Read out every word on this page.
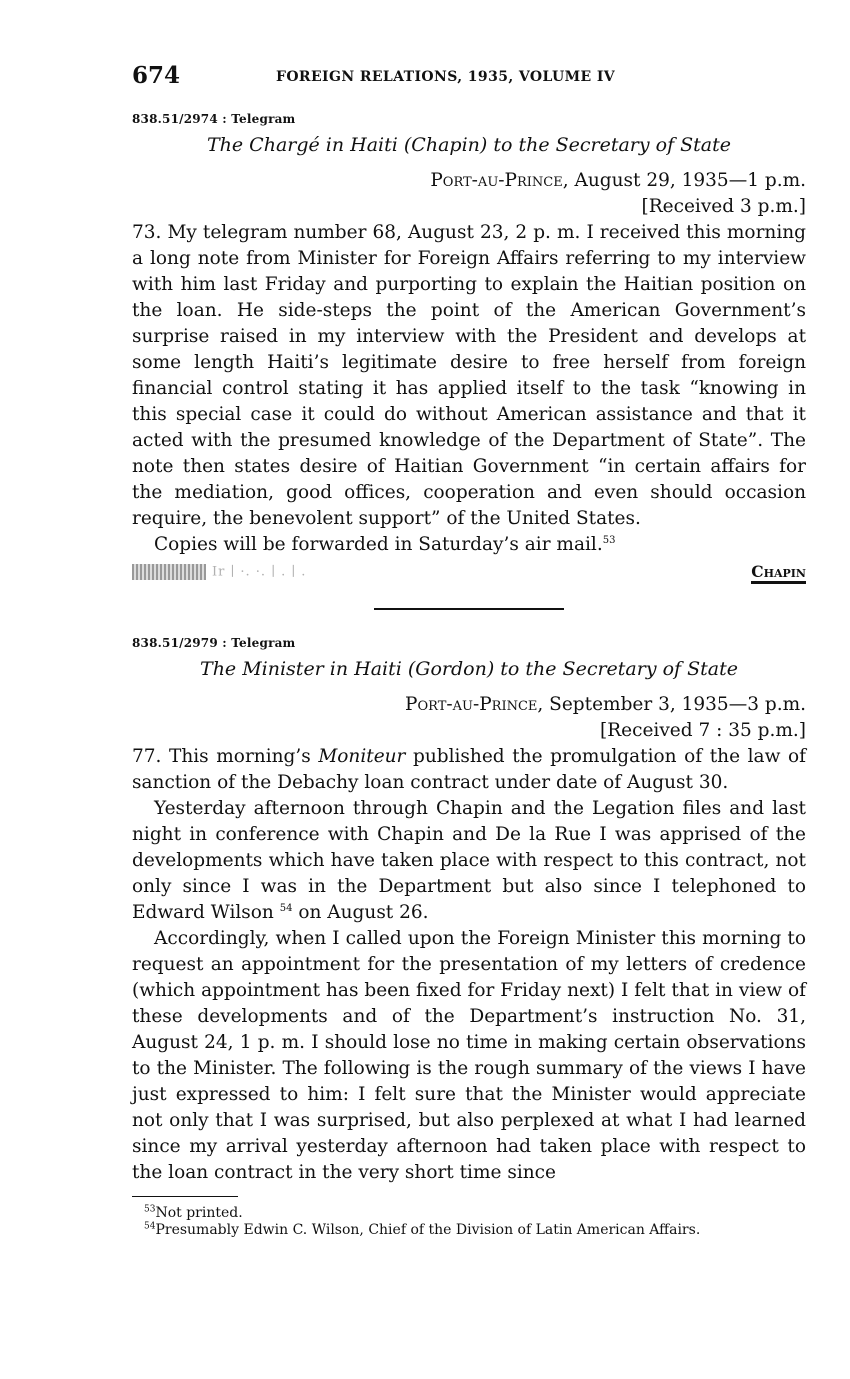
674	FOREIGN RELATIONS, 1935, VOLUME IV
838.51/2974 : Telegram
The Chargé in Haiti (Chapin) to the Secretary of State
Port-au-Prince, August 29, 1935—1 p.m.
[Received 3 p.m.]

73. My telegram number 68, August 23, 2 p. m. I received this morning a long note from Minister for Foreign Affairs referring to my interview with him last Friday and purporting to explain the Haitian position on the loan. He side-steps the point of the American Government’s surprise raised in my interview with the President and develops at some length Haiti’s legitimate desire to free herself from foreign financial control stating it has applied itself to the task “knowing in this special case it could do without American assistance and that it acted with the presumed knowledge of the Department of State”. The note then states desire of Haitian Government “in certain affairs for the mediation, good offices, cooperation and even should occasion require, the benevolent support” of the United States.

Copies will be forwarded in Saturday’s air mail.$^{53}$

Ir ∣ ·. ·. ∣ . ∣ .	Chapin
838.51/2979 : Telegram
The Minister in Haiti (Gordon) to the Secretary of State
Port-au-Prince, September 3, 1935—3 p.m.
[Received 7 : 35 p.m.]

77. This morning’s Moniteur published the promulgation of the law of sanction of the Debachy loan contract under date of August 30.

Yesterday afternoon through Chapin and the Legation files and last night in conference with Chapin and De la Rue I was apprised of the developments which have taken place with respect to this contract, not only since I was in the Department but also since I telephoned to Edward Wilson $^{54}$ on August 26.

Accordingly, when I called upon the Foreign Minister this morning to request an appointment for the presentation of my letters of credence (which appointment has been fixed for Friday next) I felt that in view of these developments and of the Department’s instruction No. 31, August 24, 1 p. m. I should lose no time in making certain observations to the Minister. The following is the rough summary of the views I have just expressed to him: I felt sure that the Minister would appreciate not only that I was surprised, but also perplexed at what I had learned since my arrival yesterday afternoon had taken place with respect to the loan contract in the very short time since

$^{53}$Not printed.

$^{54}$Presumably Edwin C. Wilson, Chief of the Division of Latin American Affairs.
